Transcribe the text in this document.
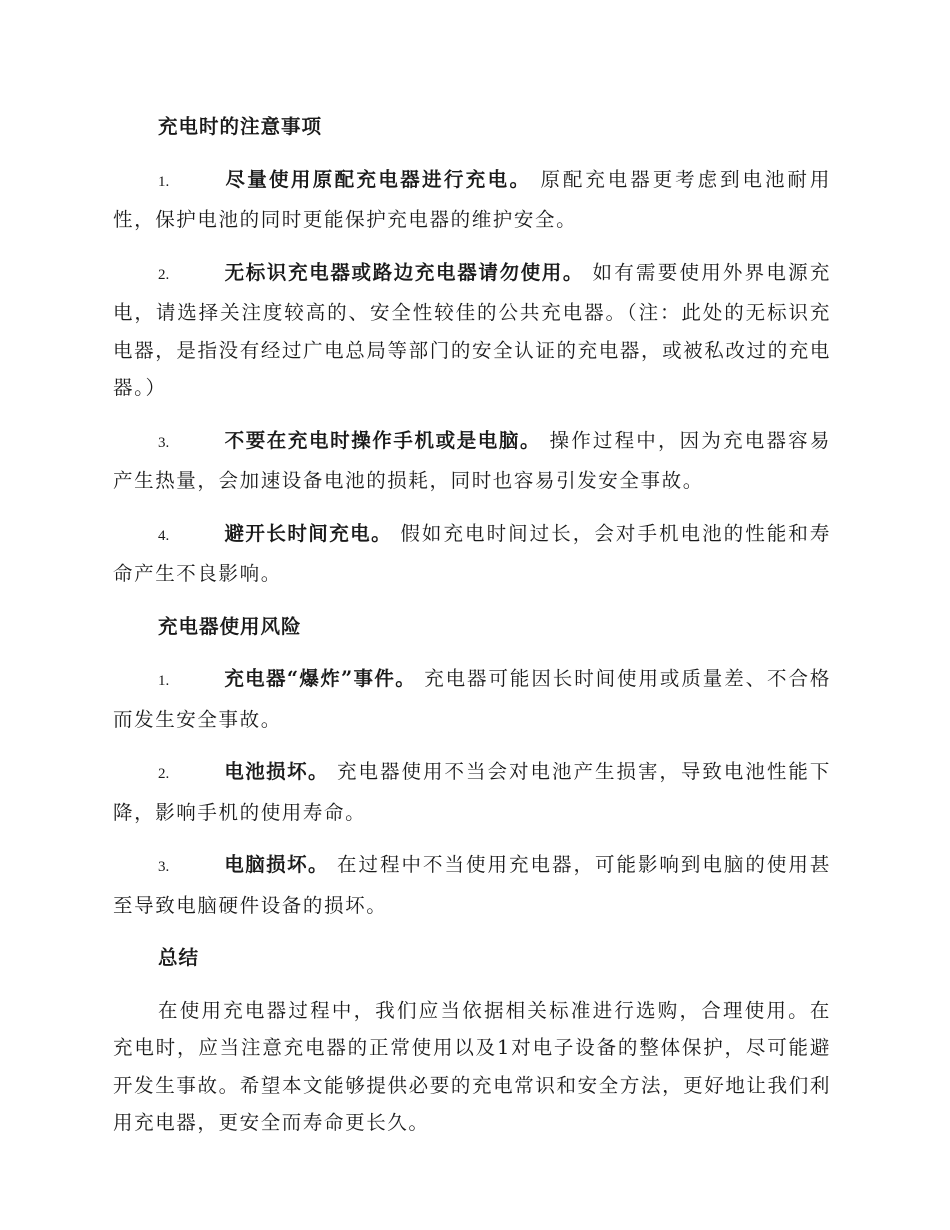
充电时的注意事项

1.	尽量使用原配充电器进行充电。 原配充电器更考虑到电池耐用性，保护电池的同时更能保护充电器的维护安全。

2.	无标识充电器或路边充电器请勿使用。 如有需要使用外界电源充电，请选择关注度较高的、安全性较佳的公共充电器。（注：此处的无标识充电器，是指没有经过广电总局等部门的安全认证的充电器，或被私改过的充电器。）

3.	不要在充电时操作手机或是电脑。 操作过程中，因为充电器容易产生热量，会加速设备电池的损耗，同时也容易引发安全事故。

4.	避开长时间充电。 假如充电时间过长，会对手机电池的性能和寿命产生不良影响。

充电器使用风险

1.	充电器“爆炸”事件。 充电器可能因长时间使用或质量差、不合格而发生安全事故。

2.	电池损坏。 充电器使用不当会对电池产生损害，导致电池性能下降，影响手机的使用寿命。

3.	电脑损坏。 在过程中不当使用充电器，可能影响到电脑的使用甚至导致电脑硬件设备的损坏。

总结

在使用充电器过程中，我们应当依据相关标准进行选购，合理使用。在充电时，应当注意充电器的正常使用以及1对电子设备的整体保护，尽可能避开发生事故。希望本文能够提供必要的充电常识和安全方法，更好地让我们利用充电器，更安全而寿命更长久。
